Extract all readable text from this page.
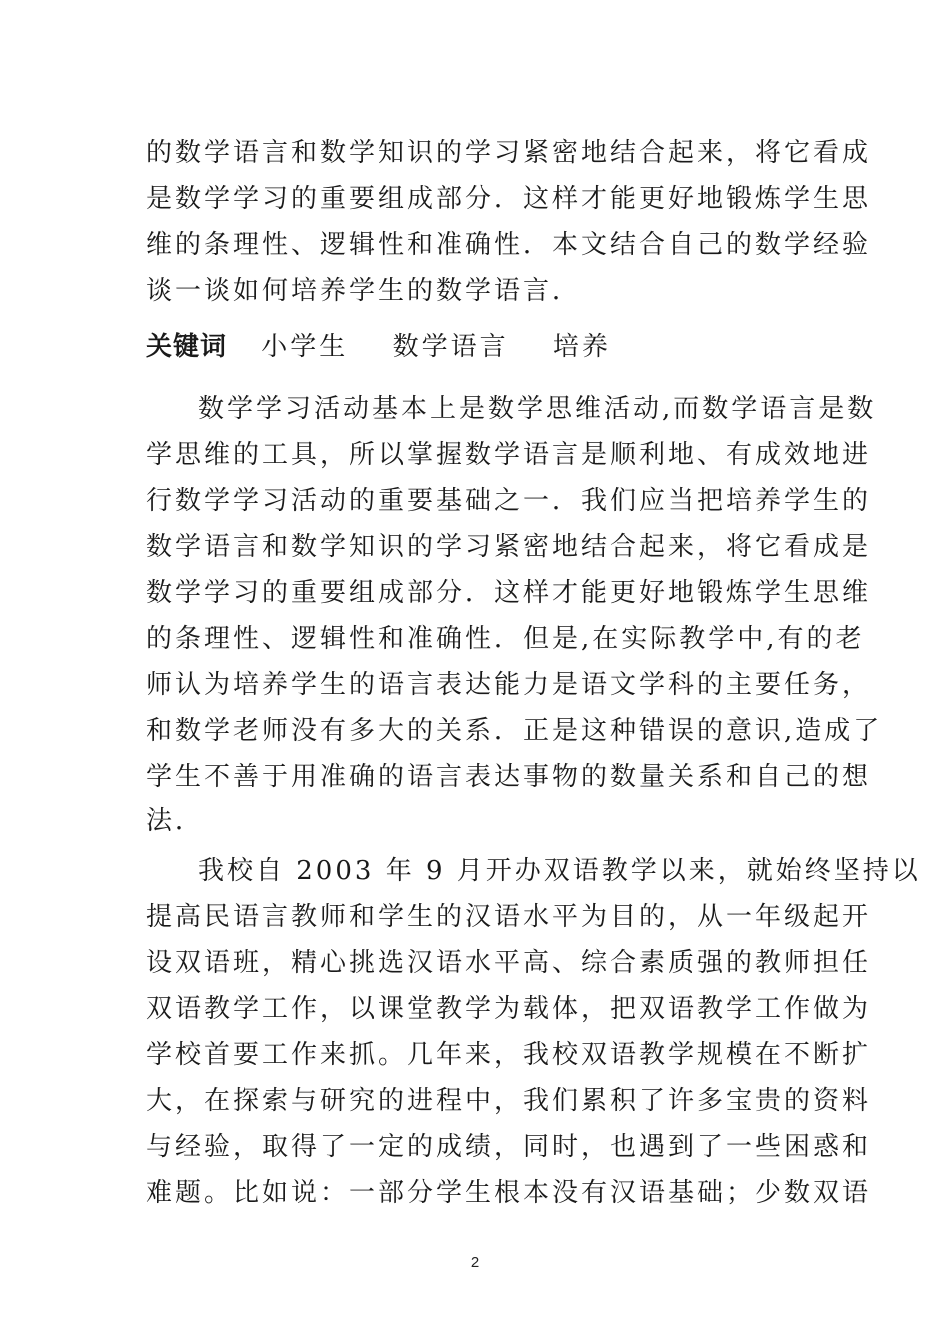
的数学语言和数学知识的学习紧密地结合起来，将它看成
是数学学习的重要组成部分．这样才能更好地锻炼学生思
维的条理性、逻辑性和准确性．本文结合自己的数学经验
谈一谈如何培养学生的数学语言．
关键词 小学生 数学语言 培养
数学学习活动基本上是数学思维活动,而数学语言是数
学思维的工具，所以掌握数学语言是顺利地、有成效地进
行数学学习活动的重要基础之一．我们应当把培养学生的
数学语言和数学知识的学习紧密地结合起来，将它看成是
数学学习的重要组成部分．这样才能更好地锻炼学生思维
的条理性、逻辑性和准确性．但是,在实际教学中,有的老
师认为培养学生的语言表达能力是语文学科的主要任务，
和数学老师没有多大的关系．正是这种错误的意识,造成了
学生不善于用准确的语言表达事物的数量关系和自己的想
法．
我校自 2003 年 9 月开办双语教学以来，就始终坚持以
提高民语言教师和学生的汉语水平为目的，从一年级起开
设双语班，精心挑选汉语水平高、综合素质强的教师担任
双语教学工作，以课堂教学为载体，把双语教学工作做为
学校首要工作来抓。几年来，我校双语教学规模在不断扩
大，在探索与研究的进程中，我们累积了许多宝贵的资料
与经验，取得了一定的成绩，同时，也遇到了一些困惑和
难题。比如说：一部分学生根本没有汉语基础；少数双语
2
